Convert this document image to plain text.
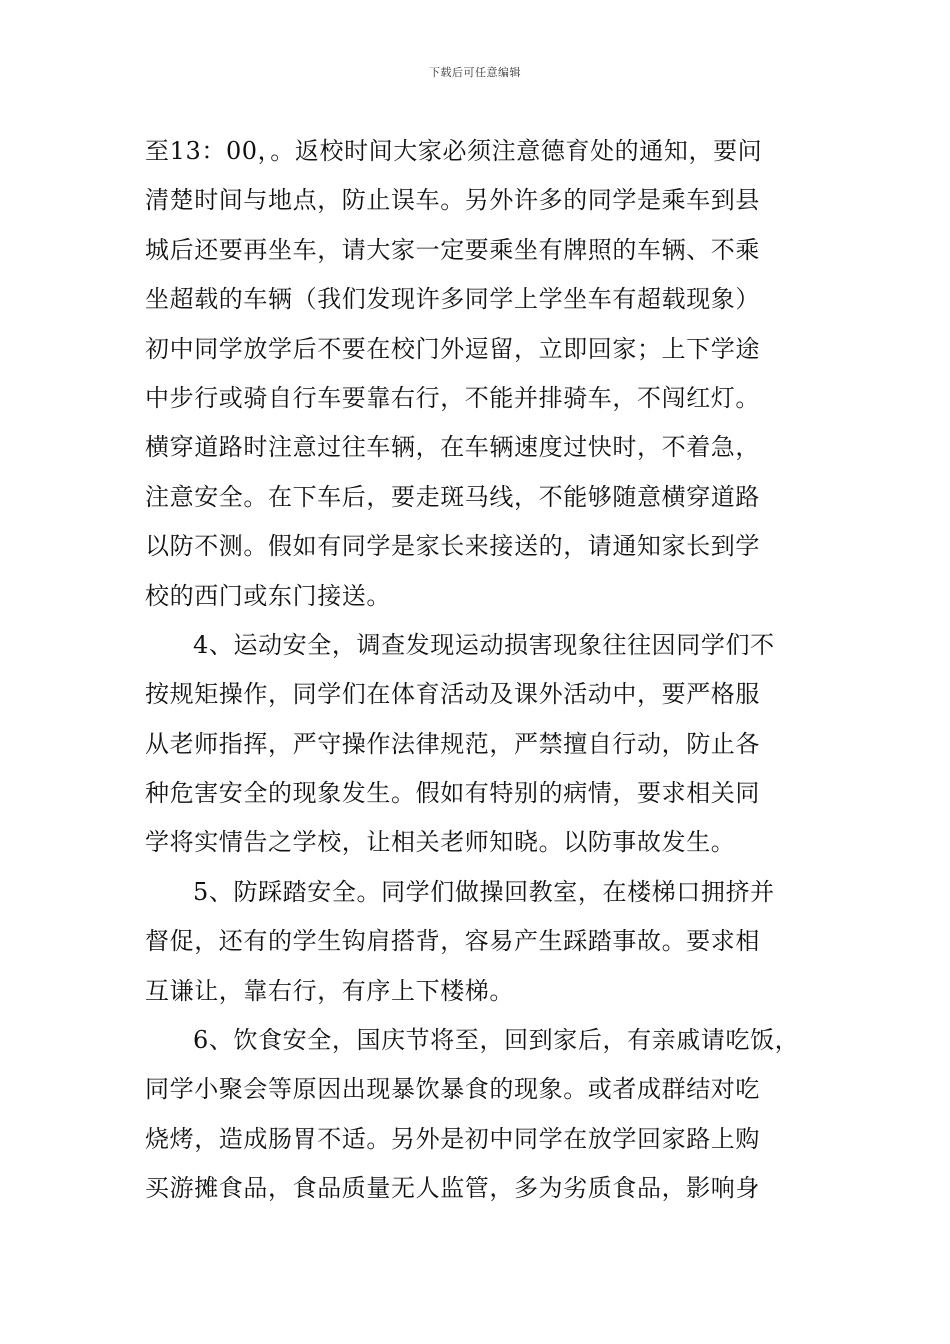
下载后可任意编辑
至13：00，。返校时间大家必须注意德育处的通知，要问
清楚时间与地点，防止误车。另外许多的同学是乘车到县
城后还要再坐车，请大家一定要乘坐有牌照的车辆、不乘
坐超载的车辆（我们发现许多同学上学坐车有超载现象）
初中同学放学后不要在校门外逗留，立即回家；上下学途
中步行或骑自行车要靠右行，不能并排骑车，不闯红灯。
横穿道路时注意过往车辆，在车辆速度过快时，不着急，
注意安全。在下车后，要走斑马线，不能够随意横穿道路
以防不测。假如有同学是家长来接送的，请通知家长到学
校的西门或东门接送。
4、运动安全，调查发现运动损害现象往往因同学们不
按规矩操作，同学们在体育活动及课外活动中，要严格服
从老师指挥，严守操作法律规范，严禁擅自行动，防止各
种危害安全的现象发生。假如有特别的病情，要求相关同
学将实情告之学校，让相关老师知晓。以防事故发生。
5、防踩踏安全。同学们做操回教室，在楼梯口拥挤并
督促，还有的学生钩肩搭背，容易产生踩踏事故。要求相
互谦让，靠右行，有序上下楼梯。
6、饮食安全，国庆节将至，回到家后，有亲戚请吃饭，
同学小聚会等原因出现暴饮暴食的现象。或者成群结对吃
烧烤，造成肠胃不适。另外是初中同学在放学回家路上购
买游摊食品，食品质量无人监管，多为劣质食品，影响身
